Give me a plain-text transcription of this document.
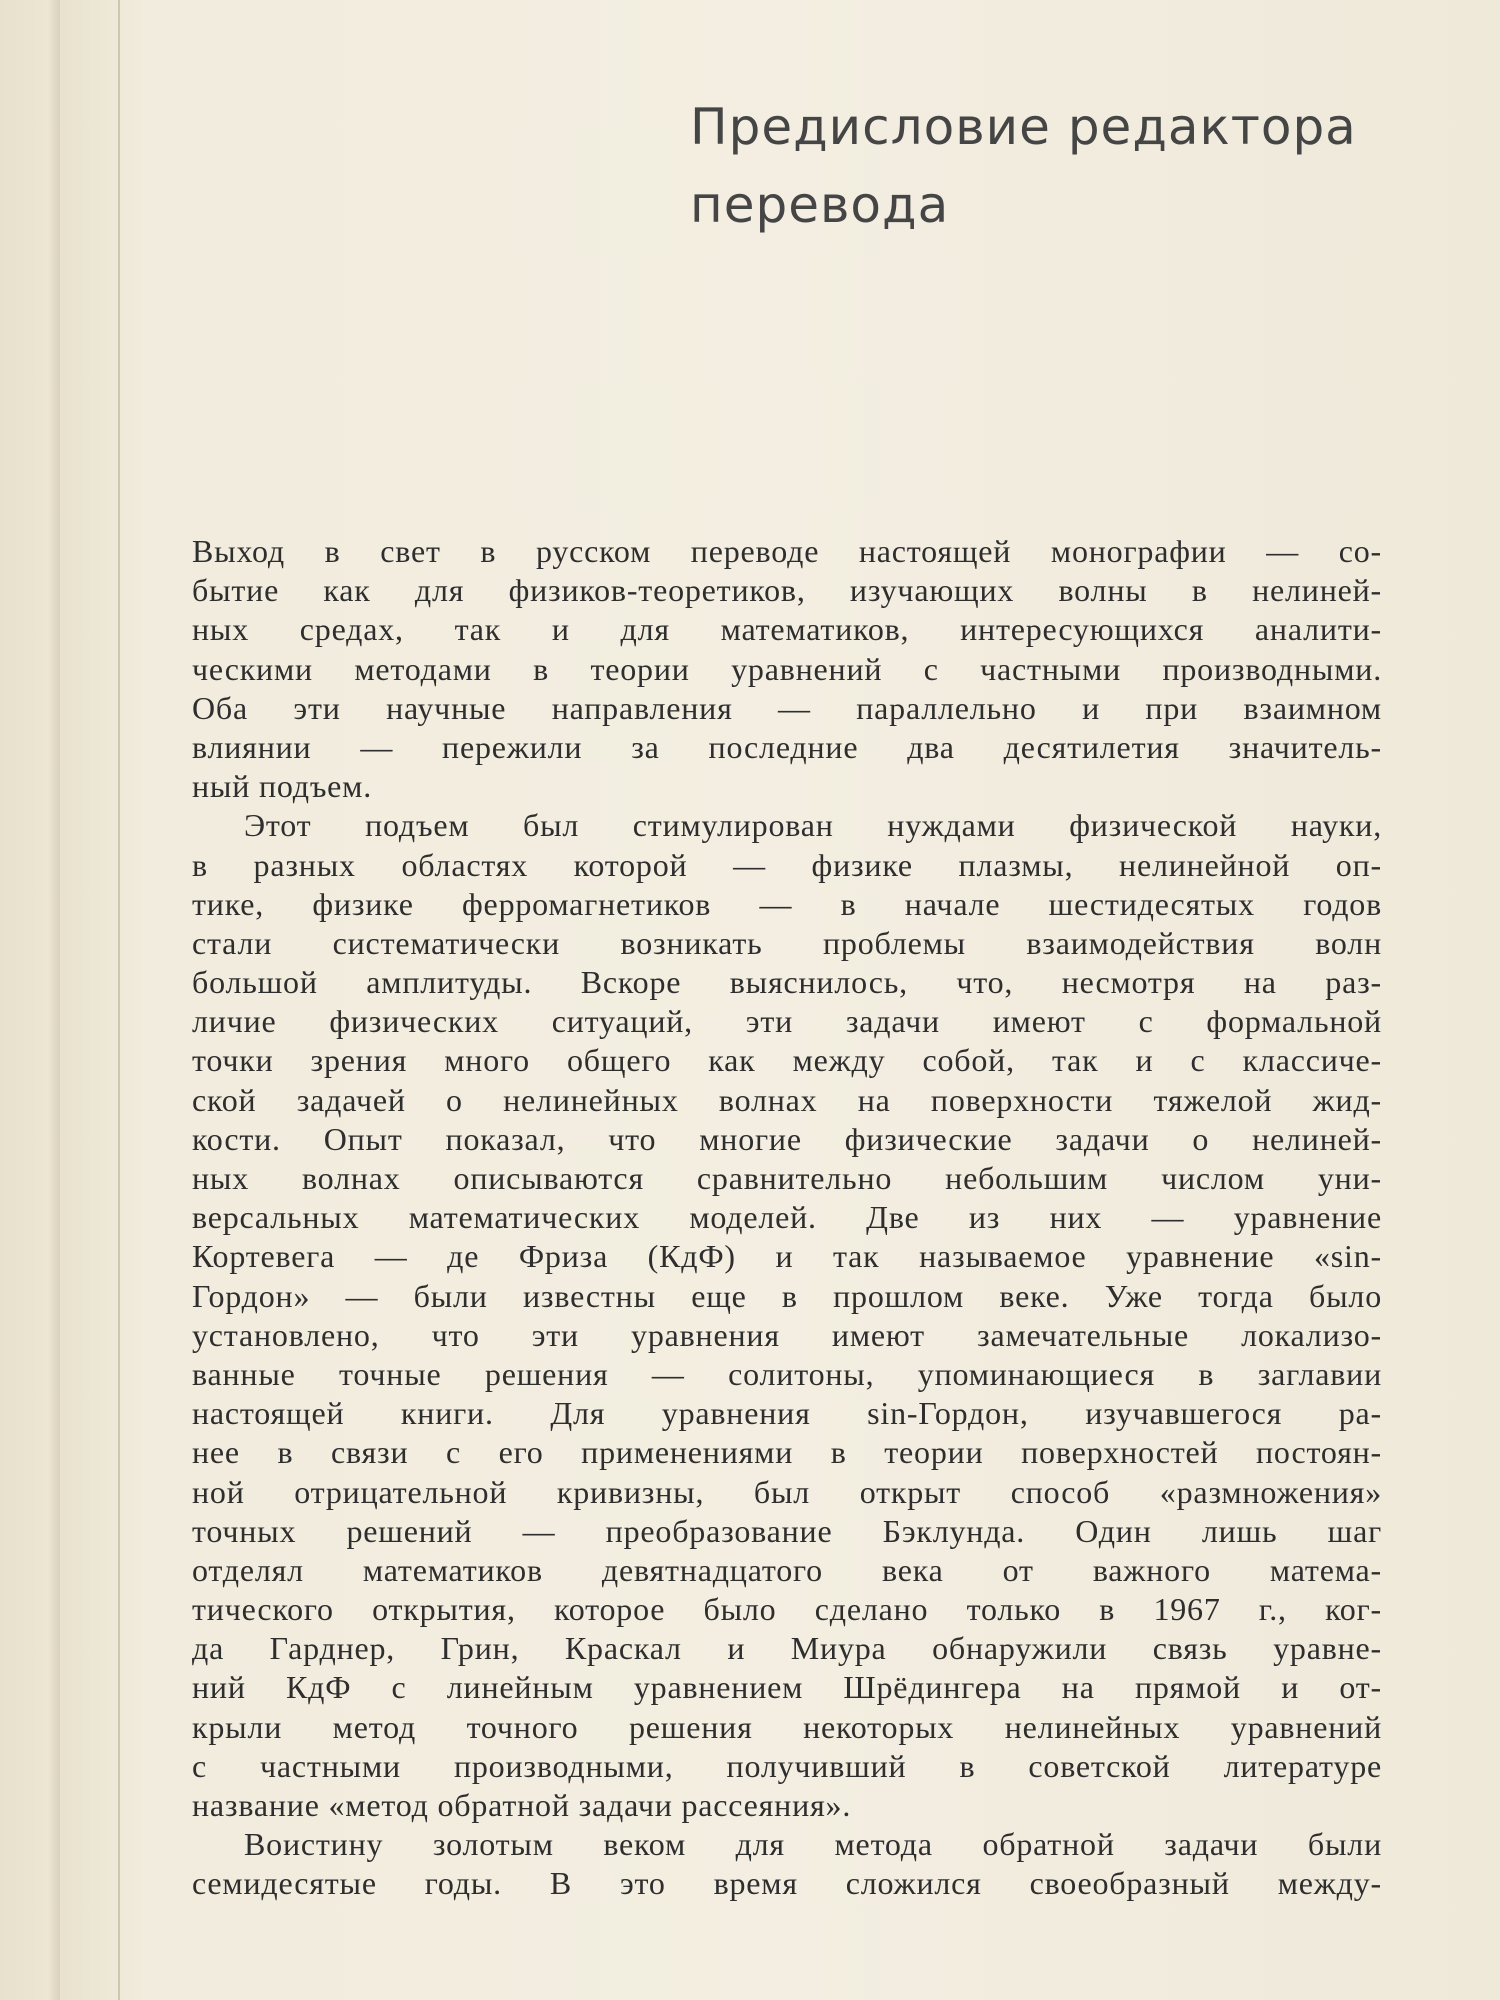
Предисловие редактора
перевода
Выход в свет в русском переводе настоящей монографии — со-
бытие как для физиков-теоретиков, изучающих волны в нелиней-
ных средах, так и для математиков, интересующихся аналити-
ческими методами в теории уравнений с частными производными.
Оба эти научные направления — параллельно и при взаимном
влиянии — пережили за последние два десятилетия значитель-
ный подъем.
Этот подъем был стимулирован нуждами физической науки,
в разных областях которой — физике плазмы, нелинейной оп-
тике, физике ферромагнетиков — в начале шестидесятых годов
стали систематически возникать проблемы взаимодействия волн
большой амплитуды. Вскоре выяснилось, что, несмотря на раз-
личие физических ситуаций, эти задачи имеют с формальной
точки зрения много общего как между собой, так и с классиче-
ской задачей о нелинейных волнах на поверхности тяжелой жид-
кости. Опыт показал, что многие физические задачи о нелиней-
ных волнах описываются сравнительно небольшим числом уни-
версальных математических моделей. Две из них — уравнение
Кортевега — де Фриза (КдФ) и так называемое уравнение «sin-
Гордон» — были известны еще в прошлом веке. Уже тогда было
установлено, что эти уравнения имеют замечательные локализо-
ванные точные решения — солитоны, упоминающиеся в заглавии
настоящей книги. Для уравнения sin-Гордон, изучавшегося ра-
нее в связи с его применениями в теории поверхностей постоян-
ной отрицательной кривизны, был открыт способ «размножения»
точных решений — преобразование Бэклунда. Один лишь шаг
отделял математиков девятнадцатого века от важного матема-
тического открытия, которое было сделано только в 1967 г., ког-
да Гарднер, Грин, Краскал и Миура обнаружили связь уравне-
ний КдФ с линейным уравнением Шрёдингера на прямой и от-
крыли метод точного решения некоторых нелинейных уравнений
с частными производными, получивший в советской литературе
название «метод обратной задачи рассеяния».
Воистину золотым веком для метода обратной задачи были
семидесятые годы. В это время сложился своеобразный между-
